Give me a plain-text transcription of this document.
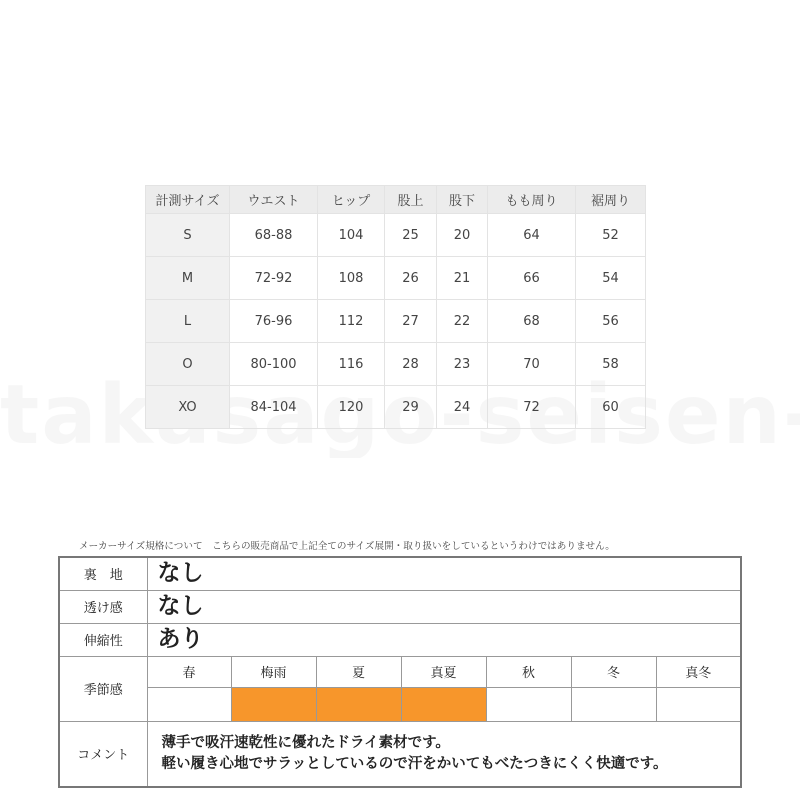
計測サイズ	ウエスト	ヒップ	股上	股下	もも周り	裾周り
S	68-88	104	25	20	64	52
M	72-92	108	26	21	66	54
L	76-96	112	27	22	68	56
O	80-100	116	28	23	70	58
XO	84-104	120	29	24	72	60
メーカーサイズ規格について　こちらの販売商品で上記全てのサイズ展開・取り扱いをしているというわけではありません。
裏　地	なし						
透け感	なし						
伸縮性	あり						
季節感	春	梅雨	夏	真夏	秋	冬	真冬

コメント	薄手で吸汗速乾性に優れたドライ素材です。
軽い履き心地でサラッとしているので汗をかいてもべたつきにくく快適です。						
